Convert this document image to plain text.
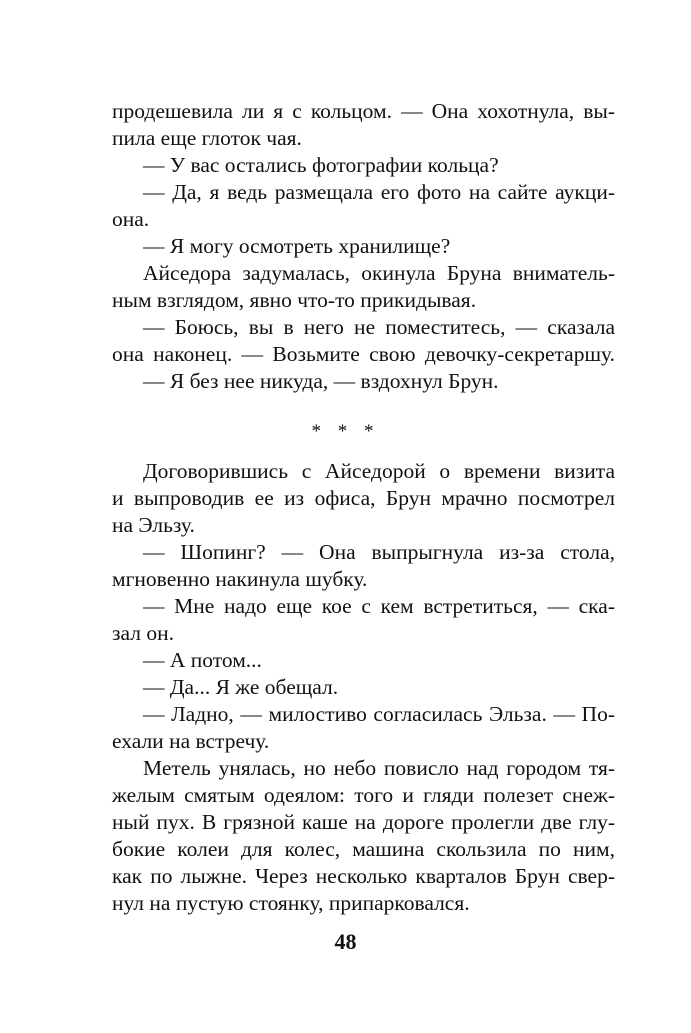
продешевила ли я с кольцом. — Она хохотнула, вы-
пила еще глоток чая.
— У вас остались фотографии кольца?
— Да, я ведь размещала его фото на сайте аукци-
она.
— Я могу осмотреть хранилище?
Айседора задумалась, окинула Бруна вниматель-
ным взглядом, явно что-то прикидывая.
— Боюсь, вы в него не поместитесь, — сказала
она наконец. — Возьмите свою девочку-секретаршу.
— Я без нее никуда, — вздохнул Брун.
* * *
Договорившись с Айседорой о времени визита
и выпроводив ее из офиса, Брун мрачно посмотрел
на Эльзу.
— Шопинг? — Она выпрыгнула из-за стола,
мгновенно накинула шубку.
— Мне надо еще кое с кем встретиться, — ска-
зал он.
— А потом...
— Да... Я же обещал.
— Ладно, — милостиво согласилась Эльза. — По-
ехали на встречу.
Метель унялась, но небо повисло над городом тя-
желым смятым одеялом: того и гляди полезет снеж-
ный пух. В грязной каше на дороге пролегли две глу-
бокие колеи для колес, машина скользила по ним,
как по лыжне. Через несколько кварталов Брун свер-
нул на пустую стоянку, припарковался.
48
